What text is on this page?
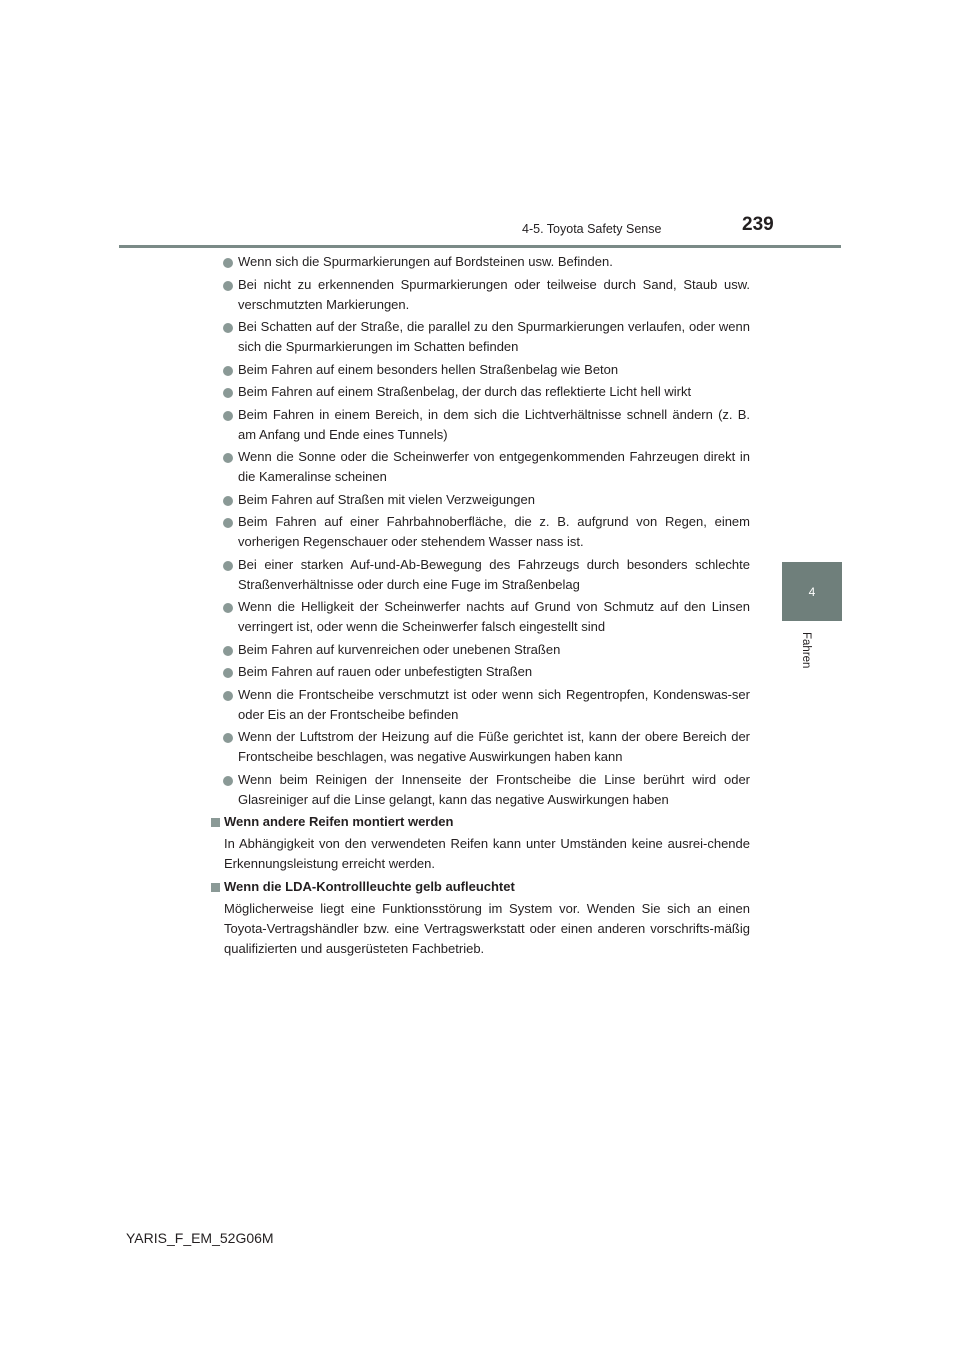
4-5. Toyota Safety Sense	239
4
Fahren
Wenn sich die Spurmarkierungen auf Bordsteinen usw. Befinden.
Bei nicht zu erkennenden Spurmarkierungen oder teilweise durch Sand, Staub usw. verschmutzten Markierungen.
Bei Schatten auf der Straße, die parallel zu den Spurmarkierungen verlaufen, oder wenn sich die Spurmarkierungen im Schatten befinden
Beim Fahren auf einem besonders hellen Straßenbelag wie Beton
Beim Fahren auf einem Straßenbelag, der durch das reflektierte Licht hell wirkt
Beim Fahren in einem Bereich, in dem sich die Lichtverhältnisse schnell ändern (z. B. am Anfang und Ende eines Tunnels)
Wenn die Sonne oder die Scheinwerfer von entgegenkommenden Fahrzeugen direkt in die Kameralinse scheinen
Beim Fahren auf Straßen mit vielen Verzweigungen
Beim Fahren auf einer Fahrbahnoberfläche, die z. B. aufgrund von Regen, einem vorherigen Regenschauer oder stehendem Wasser nass ist.
Bei einer starken Auf-und-Ab-Bewegung des Fahrzeugs durch besonders schlechte Straßenverhältnisse oder durch eine Fuge im Straßenbelag
Wenn die Helligkeit der Scheinwerfer nachts auf Grund von Schmutz auf den Linsen verringert ist, oder wenn die Scheinwerfer falsch eingestellt sind
Beim Fahren auf kurvenreichen oder unebenen Straßen
Beim Fahren auf rauen oder unbefestigten Straßen
Wenn die Frontscheibe verschmutzt ist oder wenn sich Regentropfen, Kondenswas-ser oder Eis an der Frontscheibe befinden
Wenn der Luftstrom der Heizung auf die Füße gerichtet ist, kann der obere Bereich der Frontscheibe beschlagen, was negative Auswirkungen haben kann
Wenn beim Reinigen der Innenseite der Frontscheibe die Linse berührt wird oder Glasreiniger auf die Linse gelangt, kann das negative Auswirkungen haben
Wenn andere Reifen montiert werden
In Abhängigkeit von den verwendeten Reifen kann unter Umständen keine ausrei-chende Erkennungsleistung erreicht werden.
Wenn die LDA-Kontrollleuchte gelb aufleuchtet
Möglicherweise liegt eine Funktionsstörung im System vor. Wenden Sie sich an einen Toyota-Vertragshändler bzw. eine Vertragswerkstatt oder einen anderen vorschrifts-mäßig qualifizierten und ausgerüsteten Fachbetrieb.
YARIS_F_EM_52G06M
